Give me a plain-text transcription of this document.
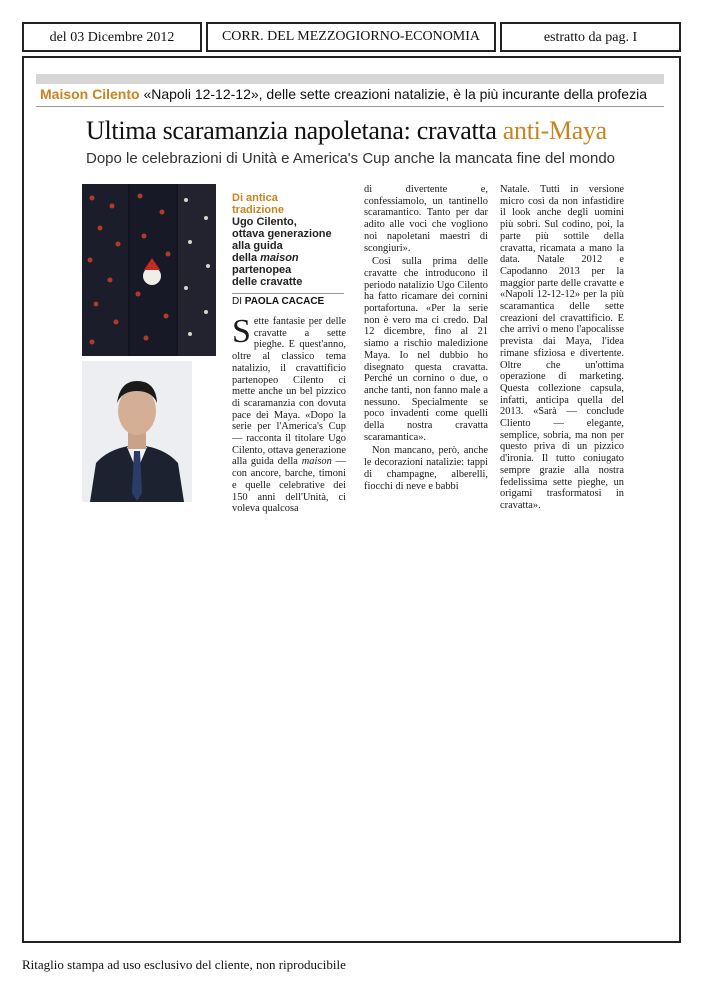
del 03 Dicembre 2012	CORR. DEL MEZZOGIORNO-ECONOMIA	estratto da pag. I
Maison Cilento «Napoli 12-12-12», delle sette creazioni natalizie, è la più incurante della profezia
Ultima scaramanzia napoletana: cravatta anti-Maya
Dopo le celebrazioni di Unità e America's Cup anche la mancata fine del mondo
Di antica
tradizione
Ugo Cilento,
ottava generazione
alla guida
della maison
partenopea
delle cravatte
DI PAOLA CACACE

Sette fantasie per delle cravatte a sette pieghe. E quest'anno, oltre al classico tema natalizio, il cravattificio partenopeo Cilento ci mette anche un bel pizzico di scaramanzia con dovuta pace dei Maya. «Dopo la serie per l'America's Cup — racconta il titolare Ugo Cilento, ottava generazione alla guida della maison — con ancore, barche, timoni e quelle celebrative dei 150 anni dell'Unità, ci voleva qualcosa

di divertente e, confessiamolo, un tantinello scaramantico. Tanto per dar adito alle voci che vogliono noi napoletani maestri di scongiuri».

Così sulla prima delle cravatte che introducono il periodo natalizio Ugo Cilento ha fatto ricamare dei cornini portafortuna. «Per la serie non è vero ma ci credo. Dal 12 dicembre, fino al 21 siamo a rischio maledizione Maya. Io nel dubbio ho disegnato questa cravatta. Perché un cornino o due, o anche tanti, non fanno male a nessuno. Specialmente se poco invadenti come quelli della nostra cravatta scaramantica».

Non mancano, però, anche le decorazioni natalizie: tappi di champagne, alberelli, fiocchi di neve e babbi

Natale. Tutti in versione micro così da non infastidire il look anche degli uomini più sobri. Sul codino, poi, la parte più sottile della cravatta, ricamata a mano la data. Natale 2012 e Capodanno 2013 per la maggior parte delle cravatte e «Napoli 12-12-12» per la più scaramantica delle sette creazioni del cravattificio. E che arrivi o meno l'apocalisse prevista dai Maya, l'idea rimane sfiziosa e divertente. Oltre che un'ottima operazione di marketing. Questa collezione capsula, infatti, anticipa quella del 2013. «Sarà — conclude Cliento — elegante, semplice, sobria, ma non per questo priva di un pizzico d'ironia. Il tutto coniugato sempre grazie alla nostra fedelissima sette pieghe, un origami trasformatosi in cravatta».

Ritaglio stampa ad uso esclusivo del cliente, non riproducibile
